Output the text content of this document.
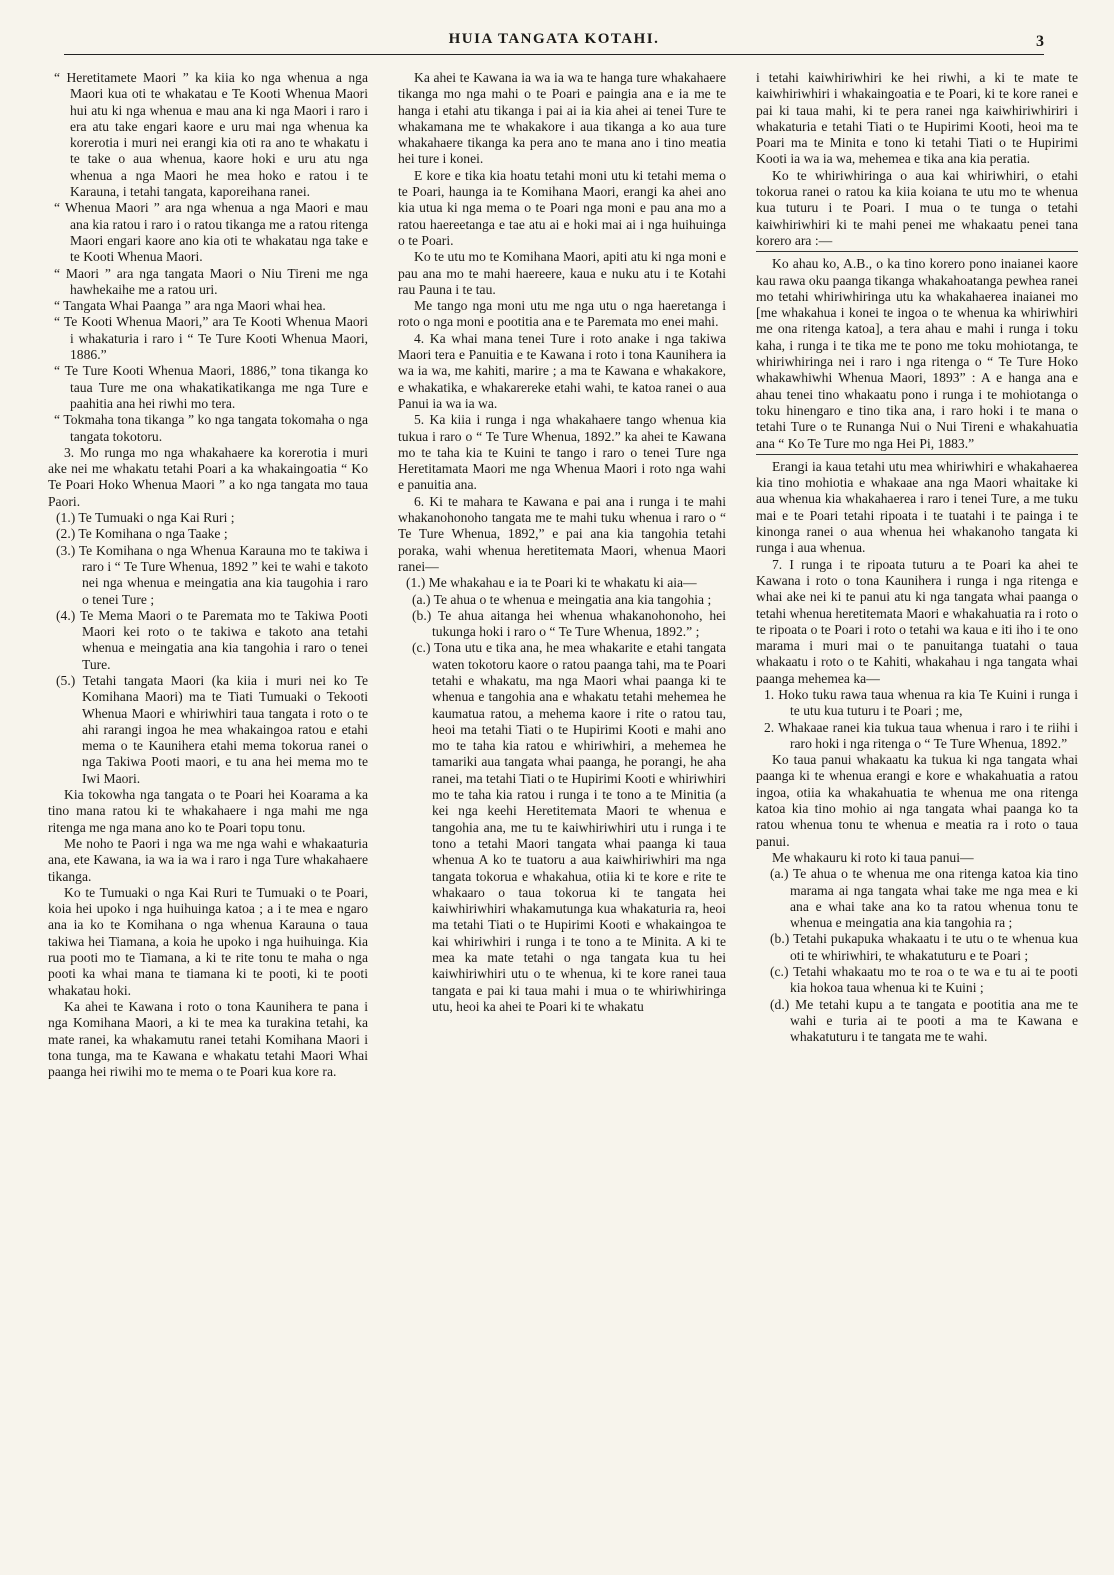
HUIA TANGATA KOTAHI.	3

“ Heretitamete Maori ” ka kiia ko nga whenua a nga Maori kua oti te whakatau e Te Kooti Whenua Maori hui atu ki nga whenua e mau ana ki nga Maori i raro i era atu take engari kaore e uru mai nga whenua ka korerotia i muri nei erangi kia oti ra ano te whakatu i te take o aua whenua, kaore hoki e uru atu nga whenua a nga Maori he mea hoko e ratou i te Karauna, i tetahi tangata, kaporeihana ranei.

“ Whenua Maori ” ara nga whenua a nga Maori e mau ana kia ratou i raro i o ratou tikanga me a ratou ritenga Maori engari kaore ano kia oti te whakatau nga take e te Kooti Whenua Maori.

“ Maori ” ara nga tangata Maori o Niu Tireni me nga hawhekaihe me a ratou uri.

“ Tangata Whai Paanga ” ara nga Maori whai hea.

“ Te Kooti Whenua Maori,” ara Te Kooti Whenua Maori i whakaturia i raro i “ Te Ture Kooti Whenua Maori, 1886.”

“ Te Ture Kooti Whenua Maori, 1886,” tona tikanga ko taua Ture me ona whakatikatikanga me nga Ture e paahitia ana hei riwhi mo tera.

“ Tokmaha tona tikanga ” ko nga tangata tokomaha o nga tangata tokotoru.

3. Mo runga mo nga whakahaere ka korerotia i muri ake nei me whakatu tetahi Poari a ka whakaingoatia “ Ko Te Poari Hoko Whenua Maori ” a ko nga tangata mo taua Paori.

(1.) Te Tumuaki o nga Kai Ruri ;

(2.) Te Komihana o nga Taake ;

(3.) Te Komihana o nga Whenua Karauna mo te takiwa i raro i “ Te Ture Whenua, 1892 ” kei te wahi e takoto nei nga whenua e meingatia ana kia taugohia i raro o tenei Ture ;

(4.) Te Mema Maori o te Paremata mo te Takiwa Pooti Maori kei roto o te takiwa e takoto ana tetahi whenua e meingatia ana kia tangohia i raro o tenei Ture.

(5.) Tetahi tangata Maori (ka kiia i muri nei ko Te Komihana Maori) ma te Tiati Tumuaki o Tekooti Whenua Maori e whiriwhiri taua tangata i roto o te ahi rarangi ingoa he mea whakaingoa ratou e etahi mema o te Kaunihera etahi mema tokorua ranei o nga Takiwa Pooti maori, e tu ana hei mema mo te Iwi Maori.

Kia tokowha nga tangata o te Poari hei Koarama a ka tino mana ratou ki te whakahaere i nga mahi me nga ritenga me nga mana ano ko te Poari topu tonu.

Me noho te Paori i nga wa me nga wahi e whakaaturia ana, ete Kawana, ia wa ia wa i raro i nga Ture whakahaere tikanga.

Ko te Tumuaki o nga Kai Ruri te Tumuaki o te Poari, koia hei upoko i nga huihuinga katoa ; a i te mea e ngaro ana ia ko te Komihana o nga whenua Karauna o taua takiwa hei Tiamana, a koia he upoko i nga huihuinga. Kia rua pooti mo te Tiamana, a ki te rite tonu te maha o nga pooti ka whai mana te tiamana ki te pooti, ki te pooti whakatau hoki.

Ka ahei te Kawana i roto o tona Kaunihera te pana i nga Komihana Maori, a ki te mea ka turakina tetahi, ka mate ranei, ka whakamutu ranei tetahi Komihana Maori i tona tunga, ma te Kawana e whakatu tetahi Maori Whai paanga hei riwihi mo te mema o te Poari kua kore ra.

Ka ahei te Kawana ia wa ia wa te hanga ture whakahaere tikanga mo nga mahi o te Poari e paingia ana e ia me te hanga i etahi atu tikanga i pai ai ia kia ahei ai tenei Ture te whakamana me te whakakore i aua tikanga a ko aua ture whakahaere tikanga ka pera ano te mana ano i tino meatia hei ture i konei.

E kore e tika kia hoatu tetahi moni utu ki tetahi mema o te Poari, haunga ia te Komihana Maori, erangi ka ahei ano kia utua ki nga mema o te Poari nga moni e pau ana mo a ratou haereetanga e tae atu ai e hoki mai ai i nga huihuinga o te Poari.

Ko te utu mo te Komihana Maori, apiti atu ki nga moni e pau ana mo te mahi haereere, kaua e nuku atu i te Kotahi rau Pauna i te tau.

Me tango nga moni utu me nga utu o nga haeretanga i roto o nga moni e pootitia ana e te Paremata mo enei mahi.

4. Ka whai mana tenei Ture i roto anake i nga takiwa Maori tera e Panuitia e te Kawana i roto i tona Kaunihera ia wa ia wa, me kahiti, marire ; a ma te Kawana e whakakore, e whakatika, e whakarereke etahi wahi, te katoa ranei o aua Panui ia wa ia wa.

5. Ka kiia i runga i nga whakahaere tango whenua kia tukua i raro o “ Te Ture Whenua, 1892.” ka ahei te Kawana mo te taha kia te Kuini te tango i raro o tenei Ture nga Heretitamata Maori me nga Whenua Maori i roto nga wahi e panuitia ana.

6. Ki te mahara te Kawana e pai ana i runga i te mahi whakanohonoho tangata me te mahi tuku whenua i raro o “ Te Ture Whenua, 1892,” e pai ana kia tangohia tetahi poraka, wahi whenua heretitemata Maori, whenua Maori ranei—

(1.) Me whakahau e ia te Poari ki te whakatu ki aia—

(a.) Te ahua o te whenua e meingatia ana kia tangohia ;

(b.) Te ahua aitanga hei whenua whakanohonoho, hei tukunga hoki i raro o “ Te Ture Whenua, 1892.” ;

(c.) Tona utu e tika ana, he mea whakarite e etahi tangata waten tokotoru kaore o ratou paanga tahi, ma te Poari tetahi e whakatu, ma nga Maori whai paanga ki te whenua e tangohia ana e whakatu tetahi mehemea he kaumatua ratou, a mehema kaore i rite o ratou tau, heoi ma tetahi Tiati o te Hupirimi Kooti e mahi ano mo te taha kia ratou e whiriwhiri, a mehemea he tamariki aua tangata whai paanga, he porangi, he aha ranei, ma tetahi Tiati o te Hupirimi Kooti e whiriwhiri mo te taha kia ratou i runga i te tono a te Minitia (a kei nga keehi Heretitemata Maori te whenua e tangohia ana, me tu te kaiwhiriwhiri utu i runga i te tono a tetahi Maori tangata whai paanga ki taua whenua A ko te tuatoru a aua kaiwhiriwhiri ma nga tangata tokorua e whakahua, otiia ki te kore e rite te whakaaro o taua tokorua ki te tangata hei kaiwhiriwhiri whakamutunga kua whakaturia ra, heoi ma tetahi Tiati o te Hupirimi Kooti e whakaingoa te kai whiriwhiri i runga i te tono a te Minita. A ki te mea ka mate tetahi o nga tangata kua tu hei kaiwhiriwhiri utu o te whenua, ki te kore ranei taua tangata e pai ki taua mahi i mua o te whiriwhiringa utu, heoi ka ahei te Poari ki te whakatu

i tetahi kaiwhiriwhiri ke hei riwhi, a ki te mate te kaiwhiriwhiri i whakaingoatia e te Poari, ki te kore ranei e pai ki taua mahi, ki te pera ranei nga kaiwhiriwhiriri i whakaturia e tetahi Tiati o te Hupirimi Kooti, heoi ma te Poari ma te Minita e tono ki tetahi Tiati o te Hupirimi Kooti ia wa ia wa, mehemea e tika ana kia peratia.

Ko te whiriwhiringa o aua kai whiriwhiri, o etahi tokorua ranei o ratou ka kiia koianа te utu mo te whenua kua tuturu i te Poari. I mua o te tunga o tetahi kaiwhiriwhiri ki te mahi penei me whakaatu penei tana korero ara :—

Ko ahau ko, A.B., o ka tino korero pono inaianei kaore kau rawa oku paanga tikanga whakahoatanga pewhea ranei mo tetahi whiriwhiringa utu ka whakahaerea inaianei mo [me whakahua i konei te ingoa o te whenua ka whiriwhiri me ona ritenga katoa], a tera ahau e mahi i runga i toku kaha, i runga i te tika me te pono me toku mohiotanga, te whiriwhiringa nei i raro i nga ritenga o “ Te Ture Hoko whakawhiwhi Whenua Maori, 1893” : A e hanga ana e ahau tenei tino whakaatu pono i runga i te mohiotanga o toku hinengaro e tino tika ana, i raro hoki i te mana o tetahi Ture o te Runanga Nui o Nui Tireni e whakahuatia ana “ Ko Te Ture mo nga Hei Pi, 1883.”

Erangi ia kaua tetahi utu mea whiriwhiri e whakahaerea kia tino mohiotia e whakaae ana nga Maori whaitake ki aua whenua kia whakahaerea i raro i tenei Ture, a me tuku mai e te Poari tetahi ripoata i te tuatahi i te painga i te kinonga ranei o aua whenua hei whakanoho tangata ki runga i aua whenua.

7. I runga i te ripoata tuturu a te Poari ka ahei te Kawana i roto o tona Kaunihera i runga i nga ritenga e whai ake nei ki te panui atu ki nga tangata whai paanga o tetahi whenua heretitemata Maori e whakahuatia ra i roto o te ripoata o te Poari i roto o tetahi wa kaua e iti iho i te ono marama i muri mai o te panuitanga tuatahi o taua whakaatu i roto o te Kahiti, whakahau i nga tangata whai paanga mehemea ka—

1. Hoko tuku rawa taua whenua ra kia Te Kuini i runga i te utu kua tuturu i te Poari ; me,

2. Whakaae ranei kia tukua taua whenua i raro i te riihi i raro hoki i nga ritenga o “ Te Ture Whenua, 1892.”

Ko taua panui whakaatu ka tukua ki nga tangata whai paanga ki te whenua erangi e kore e whakahuatia a ratou ingoa, otiia ka whakahuatia te whenua me ona ritenga katoa kia tino mohio ai nga tangata whai paanga ko ta ratou whenua tonu te whenua e meatia ra i roto o taua panui.

Me whakauru ki roto ki taua panui—

(a.) Te ahua o te whenua me ona ritenga katoa kia tino marama ai nga tangata whai take me nga mea e ki ana e whai take ana ko ta ratou whenua tonu te whenua e meingatia ana kia tangohia ra ;

(b.) Tetahi pukapuka whakaatu i te utu o te whenua kua oti te whiriwhiri, te whakatuturu e te Poari ;

(c.) Tetahi whakaatu mo te roa o te wa e tu ai te pooti kia hokoa taua whenua ki te Kuini ;

(d.) Me tetahi kupu a te tangata e pootitia ana me te wahi e turia ai te pooti a ma te Kawana e whakatuturu i te tangata me te wahi.
